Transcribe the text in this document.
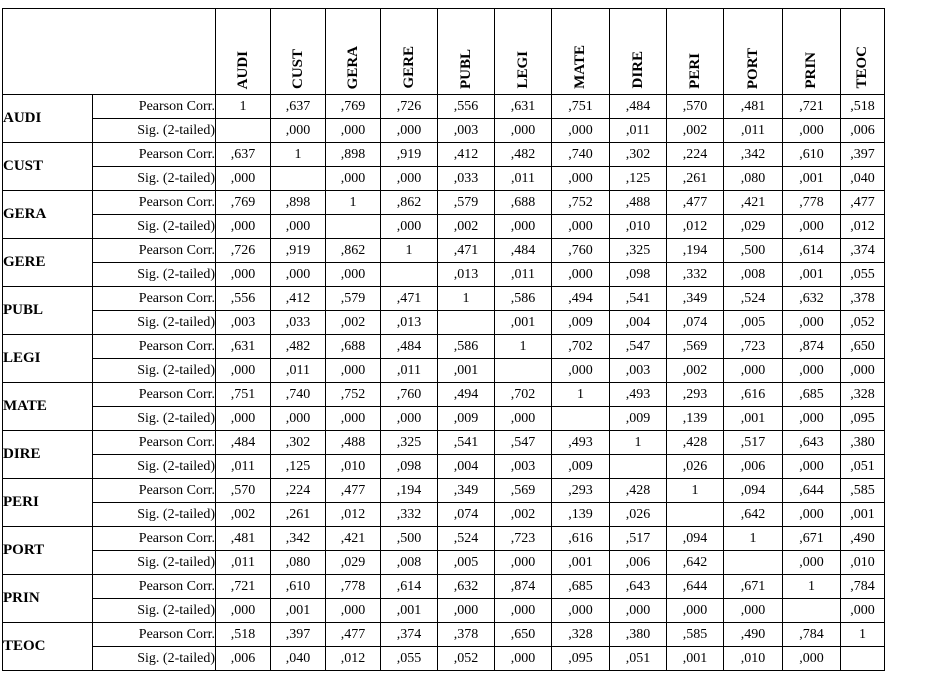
		AUDI	CUST	GERA	GERE	PUBL	LEGI	MATE	DIRE	PERI	PORT	PRIN	TEOC
AUDI	Pearson Corr.	1	,637	,769	,726	,556	,631	,751	,484	,570	,481	,721	,518
	Sig. (2-tailed)		,000	,000	,000	,003	,000	,000	,011	,002	,011	,000	,006
CUST	Pearson Corr.	,637	1	,898	,919	,412	,482	,740	,302	,224	,342	,610	,397
	Sig. (2-tailed)	,000		,000	,000	,033	,011	,000	,125	,261	,080	,001	,040
GERA	Pearson Corr.	,769	,898	1	,862	,579	,688	,752	,488	,477	,421	,778	,477
	Sig. (2-tailed)	,000	,000		,000	,002	,000	,000	,010	,012	,029	,000	,012
GERE	Pearson Corr.	,726	,919	,862	1	,471	,484	,760	,325	,194	,500	,614	,374
	Sig. (2-tailed)	,000	,000	,000		,013	,011	,000	,098	,332	,008	,001	,055
PUBL	Pearson Corr.	,556	,412	,579	,471	1	,586	,494	,541	,349	,524	,632	,378
	Sig. (2-tailed)	,003	,033	,002	,013		,001	,009	,004	,074	,005	,000	,052
LEGI	Pearson Corr.	,631	,482	,688	,484	,586	1	,702	,547	,569	,723	,874	,650
	Sig. (2-tailed)	,000	,011	,000	,011	,001		,000	,003	,002	,000	,000	,000
MATE	Pearson Corr.	,751	,740	,752	,760	,494	,702	1	,493	,293	,616	,685	,328
	Sig. (2-tailed)	,000	,000	,000	,000	,009	,000		,009	,139	,001	,000	,095
DIRE	Pearson Corr.	,484	,302	,488	,325	,541	,547	,493	1	,428	,517	,643	,380
	Sig. (2-tailed)	,011	,125	,010	,098	,004	,003	,009		,026	,006	,000	,051
PERI	Pearson Corr.	,570	,224	,477	,194	,349	,569	,293	,428	1	,094	,644	,585
	Sig. (2-tailed)	,002	,261	,012	,332	,074	,002	,139	,026		,642	,000	,001
PORT	Pearson Corr.	,481	,342	,421	,500	,524	,723	,616	,517	,094	1	,671	,490
	Sig. (2-tailed)	,011	,080	,029	,008	,005	,000	,001	,006	,642		,000	,010
PRIN	Pearson Corr.	,721	,610	,778	,614	,632	,874	,685	,643	,644	,671	1	,784
	Sig. (2-tailed)	,000	,001	,000	,001	,000	,000	,000	,000	,000	,000		,000
TEOC	Pearson Corr.	,518	,397	,477	,374	,378	,650	,328	,380	,585	,490	,784	1
	Sig. (2-tailed)	,006	,040	,012	,055	,052	,000	,095	,051	,001	,010	,000	
